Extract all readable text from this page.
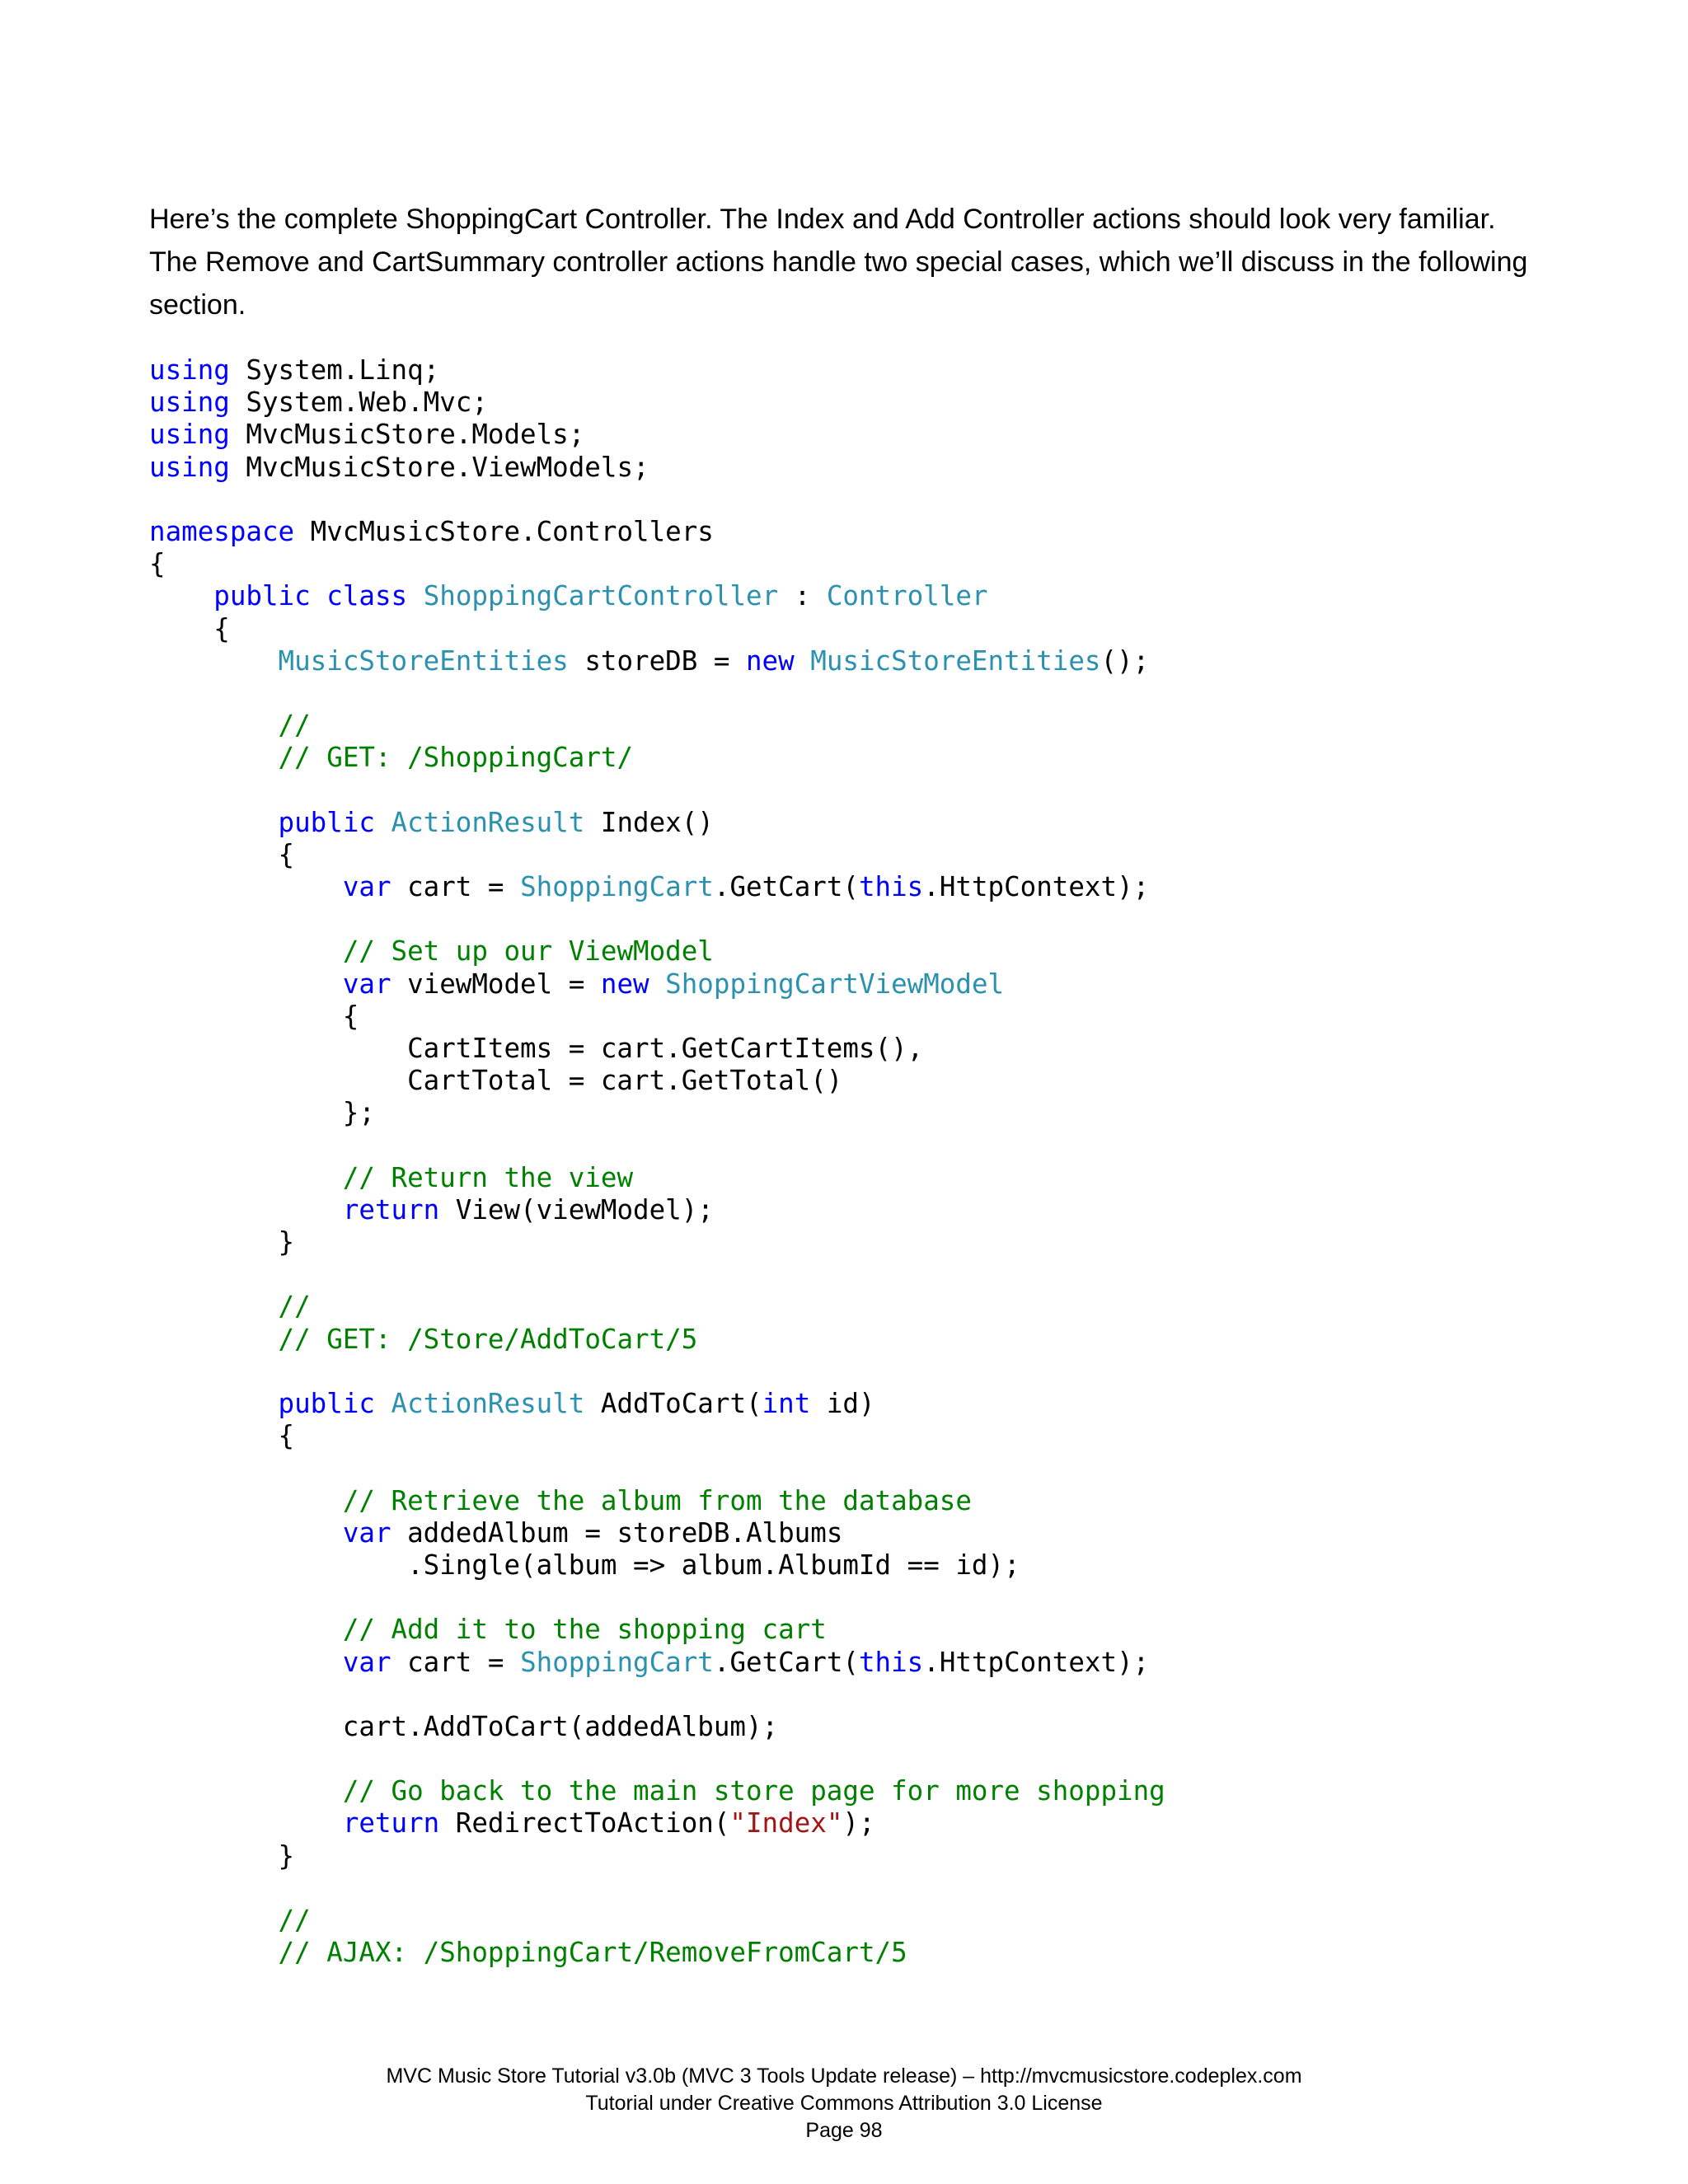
Here’s the complete ShoppingCart Controller. The Index and Add Controller actions should look very familiar. The Remove and CartSummary controller actions handle two special cases, which we’ll discuss in the following section.

using System.Linq;
using System.Web.Mvc;
using MvcMusicStore.Models;
using MvcMusicStore.ViewModels;
namespace MvcMusicStore.Controllers
{
public class ShoppingCartController : Controller
{
MusicStoreEntities storeDB = new MusicStoreEntities();
//
// GET: /ShoppingCart/
public ActionResult Index()
{
var cart = ShoppingCart.GetCart(this.HttpContext);
// Set up our ViewModel
var viewModel = new ShoppingCartViewModel
{
CartItems = cart.GetCartItems(),
CartTotal = cart.GetTotal()
};
// Return the view
return View(viewModel);
}
//
// GET: /Store/AddToCart/5
public ActionResult AddToCart(int id)
{
// Retrieve the album from the database
var addedAlbum = storeDB.Albums
.Single(album => album.AlbumId == id);
// Add it to the shopping cart
var cart = ShoppingCart.GetCart(this.HttpContext);
cart.AddToCart(addedAlbum);
// Go back to the main store page for more shopping
return RedirectToAction("Index");
}
//
// AJAX: /ShoppingCart/RemoveFromCart/5
MVC Music Store Tutorial v3.0b (MVC 3 Tools Update release) – http://mvcmusicstore.codeplex.com
Tutorial under Creative Commons Attribution 3.0 License
Page 98
